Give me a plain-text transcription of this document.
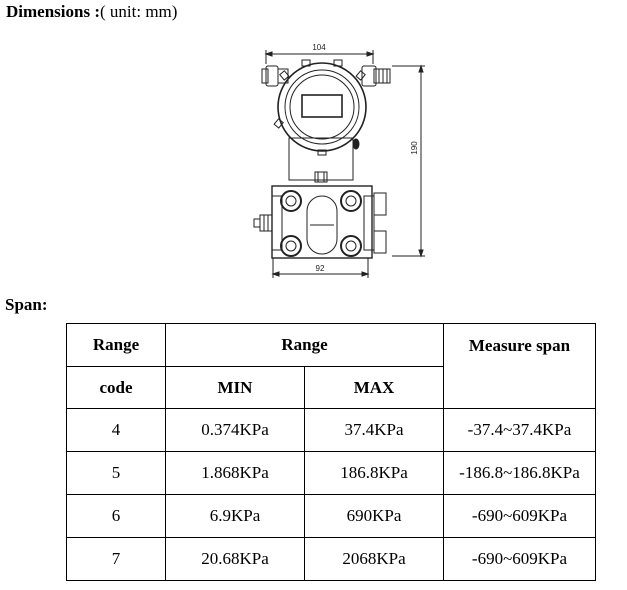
Dimensions :( unit: mm)
104
190
92
Span:
Range	Range		Measure span
code	MIN	MAX	
4	0.374KPa	37.4KPa	-37.4~37.4KPa
5	1.868KPa	186.8KPa	-186.8~186.8KPa
6	6.9KPa	690KPa	-690~609KPa
7	20.68KPa	2068KPa	-690~609KPa
